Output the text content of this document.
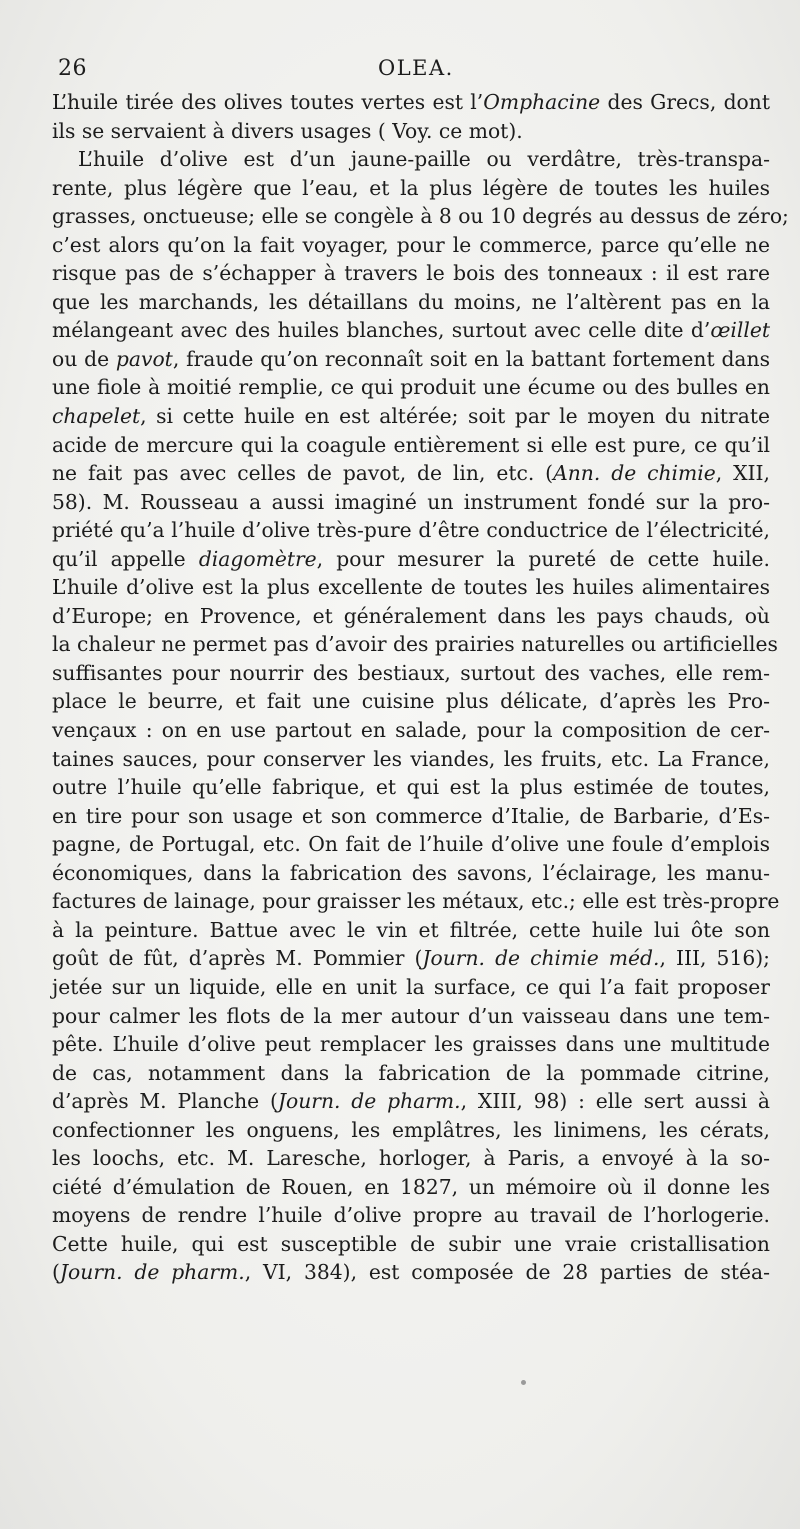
26	OLEA.
L’huile tirée des olives toutes vertes est l’Omphacine des Grecs, dont
ils se servaient à divers usages ( Voy. ce mot).
L’huile d’olive est d’un jaune-paille ou verdâtre, très-transpa-
rente, plus légère que l’eau, et la plus légère de toutes les huiles
grasses, onctueuse; elle se congèle à 8 ou 10 degrés au dessus de zéro;
c’est alors qu’on la fait voyager, pour le commerce, parce qu’elle ne
risque pas de s’échapper à travers le bois des tonneaux : il est rare
que les marchands, les détaillans du moins, ne l’altèrent pas en la
mélangeant avec des huiles blanches, surtout avec celle dite d’œillet
ou de pavot, fraude qu’on reconnaît soit en la battant fortement dans
une fiole à moitié remplie, ce qui produit une écume ou des bulles en
chapelet, si cette huile en est altérée; soit par le moyen du nitrate
acide de mercure qui la coagule entièrement si elle est pure, ce qu’il
ne fait pas avec celles de pavot, de lin, etc. (Ann. de chimie, XII,
58). M. Rousseau a aussi imaginé un instrument fondé sur la pro-
priété qu’a l’huile d’olive très-pure d’être conductrice de l’électricité,
qu’il appelle diagomètre, pour mesurer la pureté de cette huile.
L’huile d’olive est la plus excellente de toutes les huiles alimentaires
d’Europe; en Provence, et généralement dans les pays chauds, où
la chaleur ne permet pas d’avoir des prairies naturelles ou artificielles
suffisantes pour nourrir des bestiaux, surtout des vaches, elle rem-
place le beurre, et fait une cuisine plus délicate, d’après les Pro-
vençaux : on en use partout en salade, pour la composition de cer-
taines sauces, pour conserver les viandes, les fruits, etc. La France,
outre l’huile qu’elle fabrique, et qui est la plus estimée de toutes,
en tire pour son usage et son commerce d’Italie, de Barbarie, d’Es-
pagne, de Portugal, etc. On fait de l’huile d’olive une foule d’emplois
économiques, dans la fabrication des savons, l’éclairage, les manu-
factures de lainage, pour graisser les métaux, etc.; elle est très-propre
à la peinture. Battue avec le vin et filtrée, cette huile lui ôte son
goût de fût, d’après M. Pommier (Journ. de chimie méd., III, 516);
jetée sur un liquide, elle en unit la surface, ce qui l’a fait proposer
pour calmer les flots de la mer autour d’un vaisseau dans une tem-
pête. L’huile d’olive peut remplacer les graisses dans une multitude
de cas, notamment dans la fabrication de la pommade citrine,
d’après M. Planche (Journ. de pharm., XIII, 98) : elle sert aussi à
confectionner les onguens, les emplâtres, les linimens, les cérats,
les loochs, etc. M. Laresche, horloger, à Paris, a envoyé à la so-
ciété d’émulation de Rouen, en 1827, un mémoire où il donne les
moyens de rendre l’huile d’olive propre au travail de l’horlogerie.
Cette huile, qui est susceptible de subir une vraie cristallisation
(Journ. de pharm., VI, 384), est composée de 28 parties de stéa-
